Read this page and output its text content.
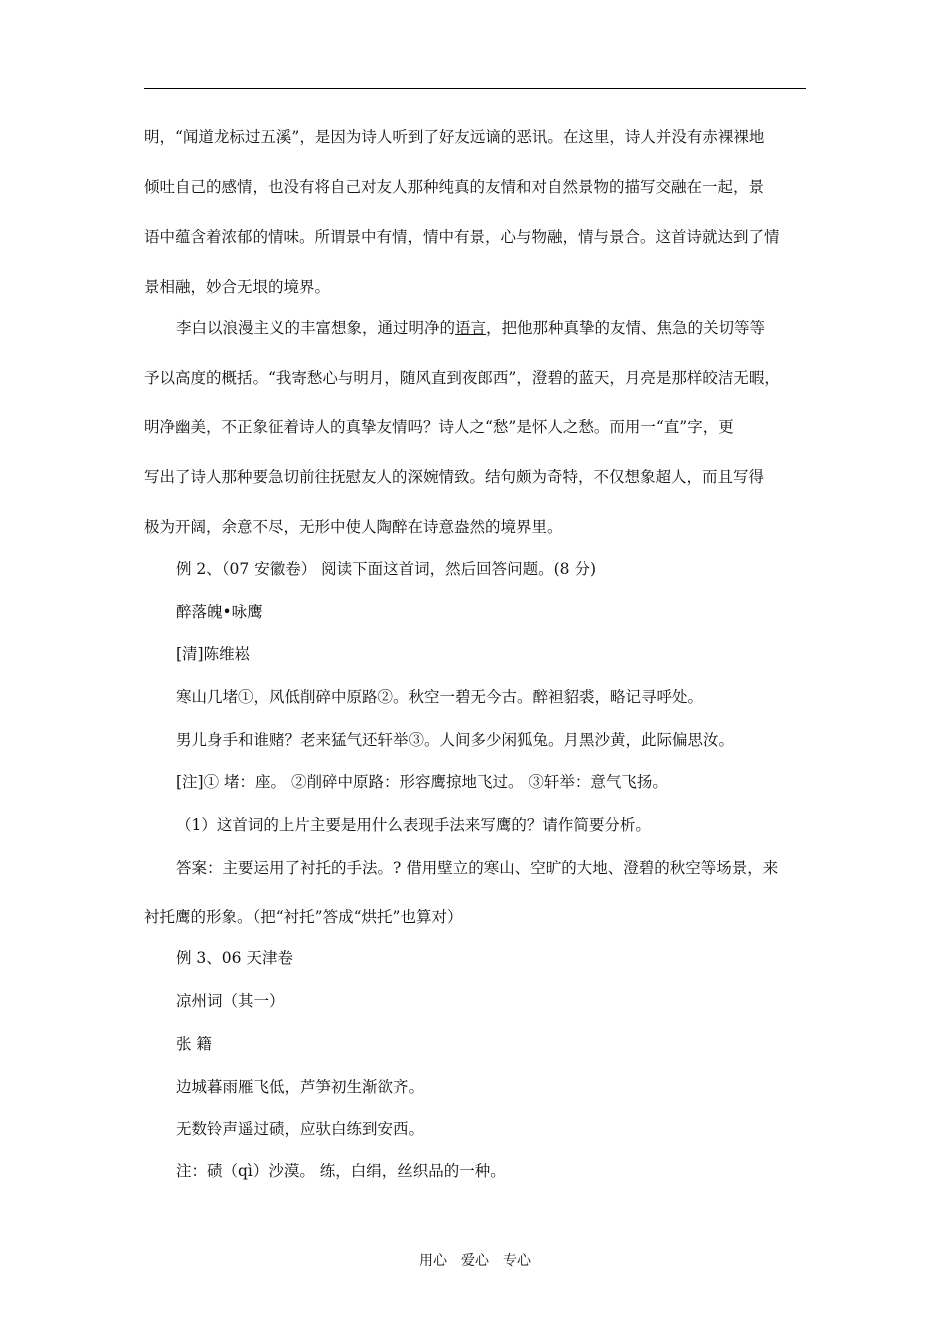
明，“闻道龙标过五溪”，是因为诗人听到了好友远谪的恶讯。在这里，诗人并没有赤裸裸地
倾吐自己的感情，也没有将自己对友人那种纯真的友情和对自然景物的描写交融在一起，景
语中蕴含着浓郁的情味。所谓景中有情，情中有景，心与物融，情与景合。这首诗就达到了情
景相融，妙合无垠的境界。
李白以浪漫主义的丰富想象，通过明净的语言，把他那种真挚的友情、焦急的关切等等
予以高度的概括。“我寄愁心与明月，随风直到夜郎西”，澄碧的蓝天，月亮是那样皎洁无暇，
明净幽美，不正象征着诗人的真挚友情吗？诗人之“愁”是怀人之愁。而用一“直”字，更
写出了诗人那种要急切前往抚慰友人的深婉情致。结句颇为奇特，不仅想象超人，而且写得
极为开阔，余意不尽，无形中使人陶醉在诗意盎然的境界里。
例 2、（07 安徽卷） 阅读下面这首词，然后回答问题。(8 分)
醉落魄•咏鹰
[清]陈维崧
寒山几堵①，风低削碎中原路②。秋空一碧无今古。醉袒貂裘，略记寻呼处。
男儿身手和谁赌？老来猛气还轩举③。人间多少闲狐兔。月黑沙黄，此际偏思汝。
[注]① 堵：座。 ②削碎中原路：形容鹰掠地飞过。 ③轩举：意气飞扬。
（1）这首词的上片主要是用什么表现手法来写鹰的？请作简要分析。
答案：主要运用了衬托的手法。? 借用壁立的寒山、空旷的大地、澄碧的秋空等场景，来
衬托鹰的形象。（把“衬托”答成“烘托”也算对）
例 3、06 天津卷
凉州词（其一）
张 籍
边城暮雨雁飞低，芦笋初生渐欲齐。
无数铃声遥过碛，应驮白练到安西。
注：碛（qì）沙漠。 练，白绢，丝织品的一种。
用心 爱心 专心
